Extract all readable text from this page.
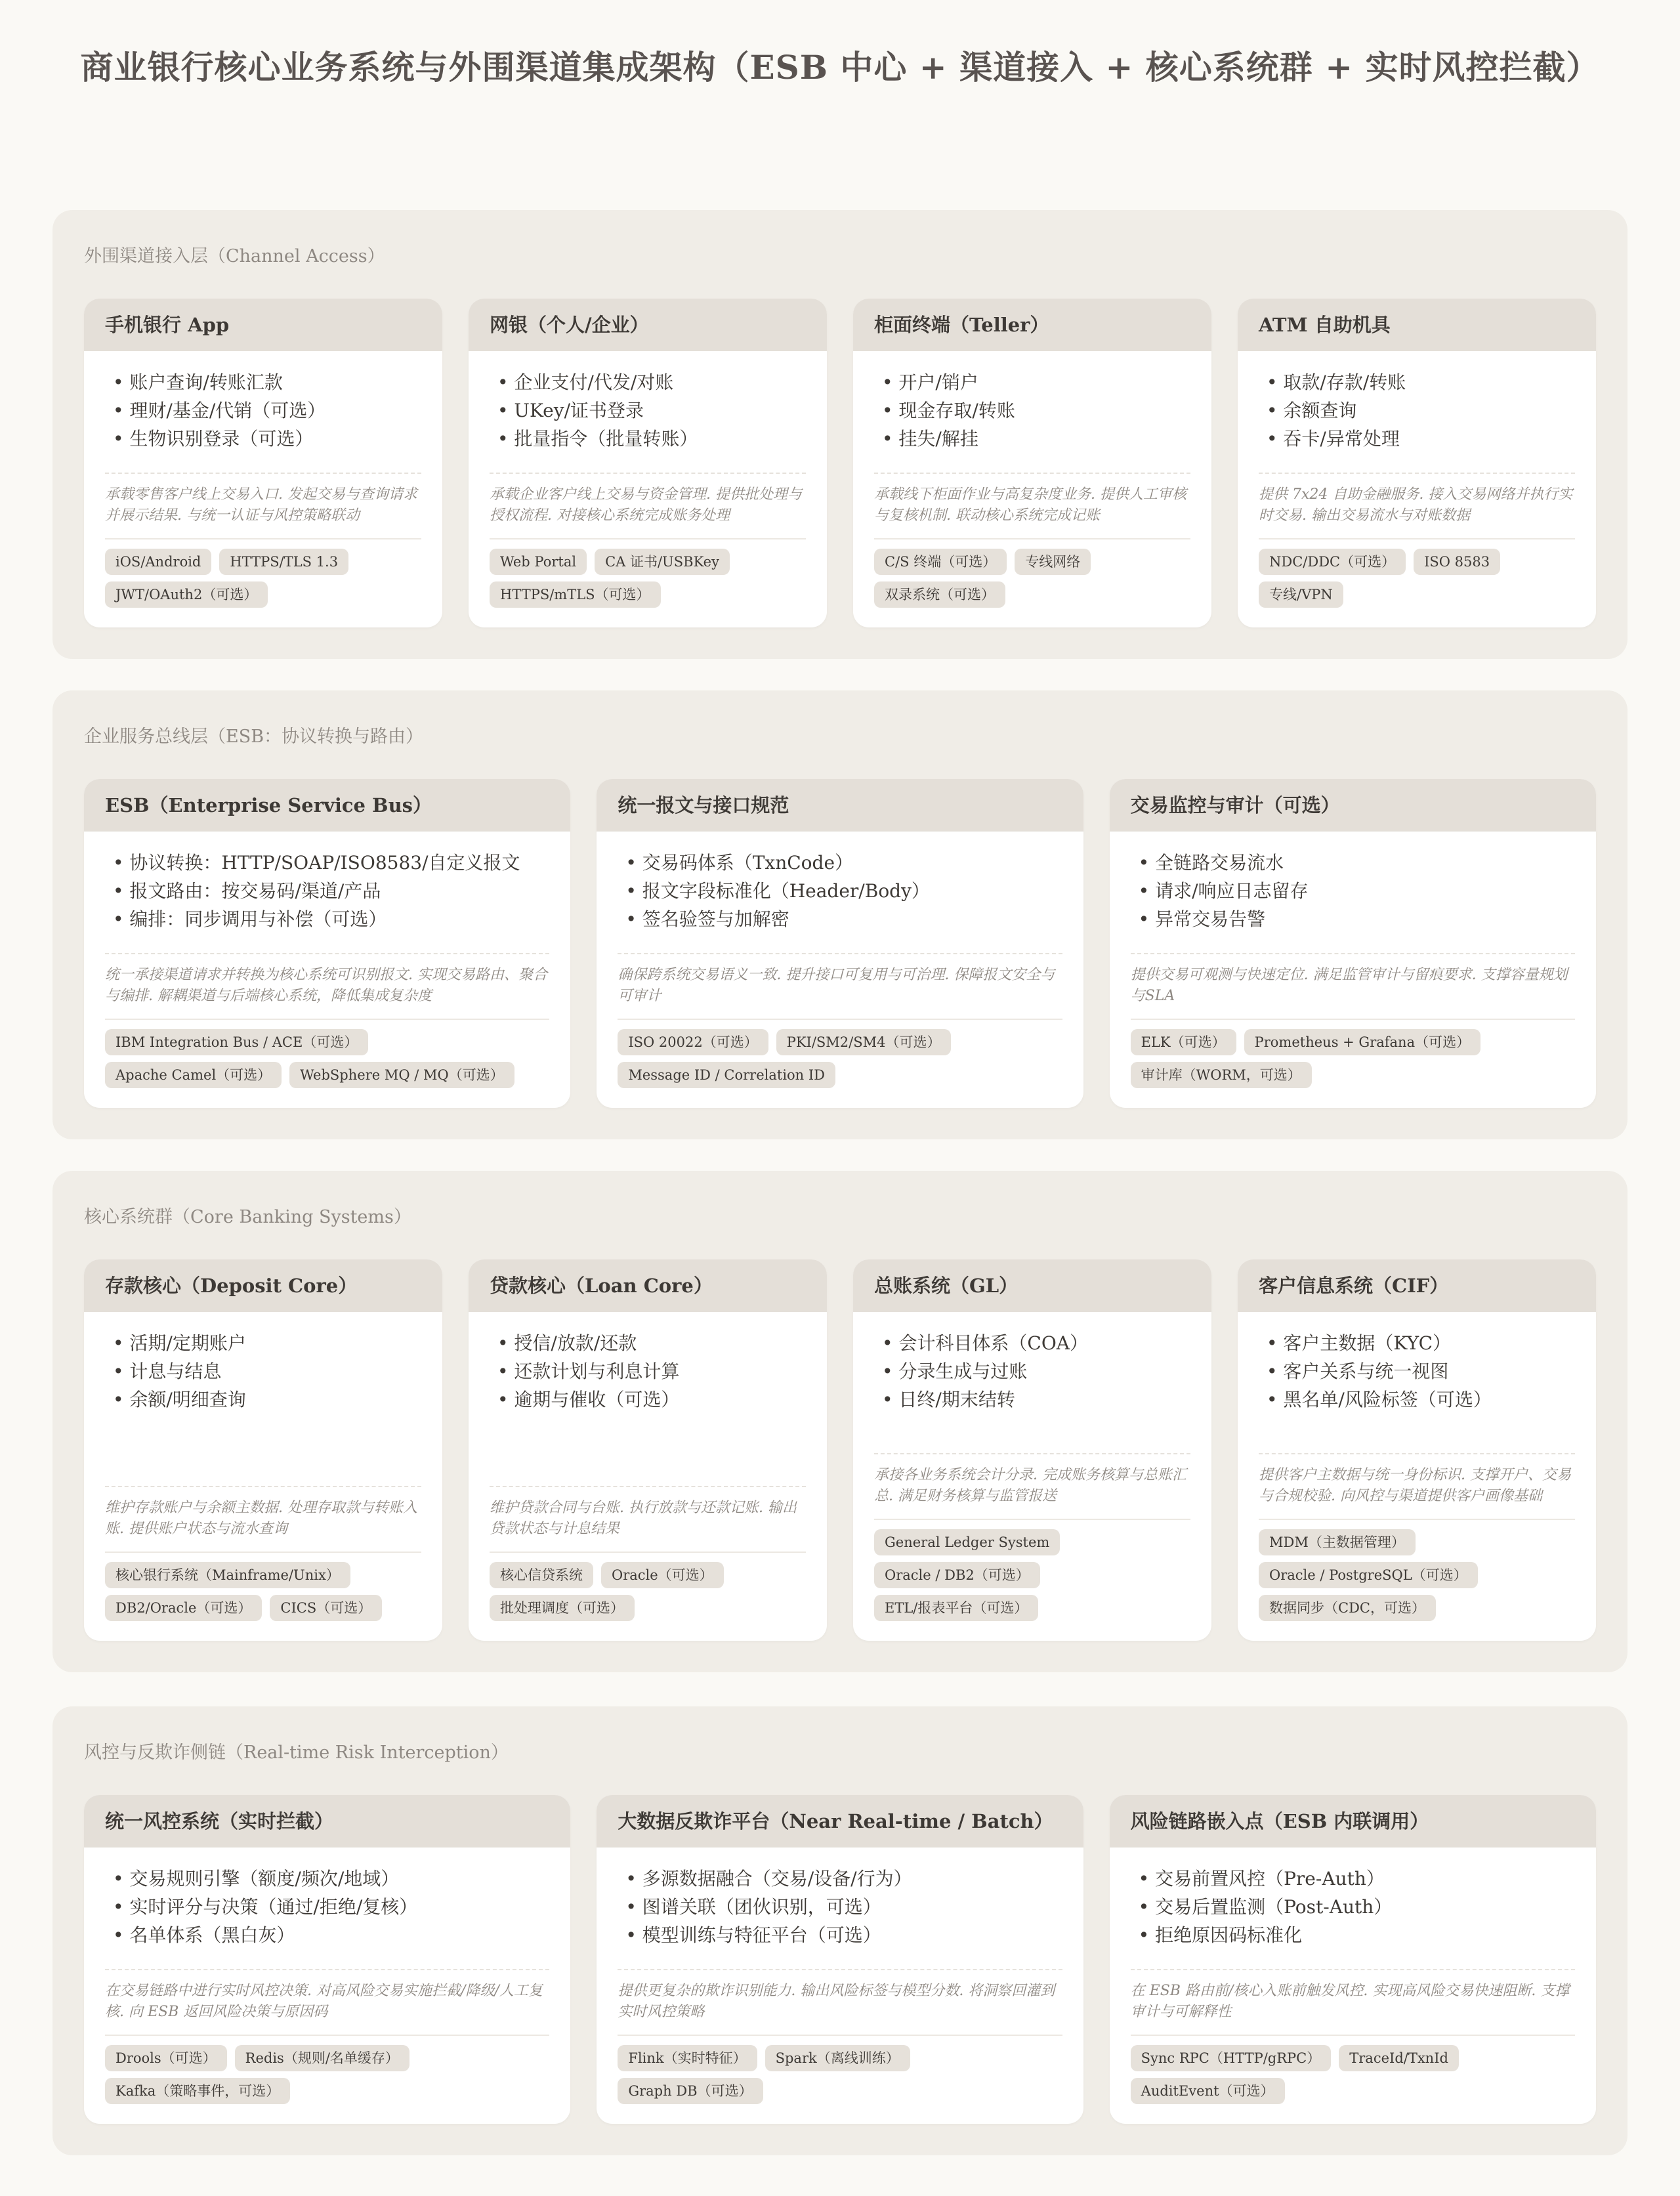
商业银行核心业务系统与外围渠道集成架构（ESB 中心 + 渠道接入 + 核心系统群 + 实时风控拦截）
外围渠道接入层（Channel Access）
手机银行 App
• 账户查询/转账汇款
• 理财/基金/代销（可选）
• 生物识别登录（可选）
承载零售客户线上交易入口. 发起交易与查询请求并展示结果. 与统一认证与风控策略联动
iOS/Android	HTTPS/TLS 1.3
JWT/OAuth2（可选）
网银（个人/企业）
• 企业支付/代发/对账
• UKey/证书登录
• 批量指令（批量转账）
承载企业客户线上交易与资金管理. 提供批处理与授权流程. 对接核心系统完成账务处理
Web Portal	CA 证书/USBKey
HTTPS/mTLS（可选）
柜面终端（Teller）
• 开户/销户
• 现金存取/转账
• 挂失/解挂
承载线下柜面作业与高复杂度业务. 提供人工审核与复核机制. 联动核心系统完成记账
C/S 终端（可选）	专线网络
双录系统（可选）
ATM 自助机具
• 取款/存款/转账
• 余额查询
• 吞卡/异常处理
提供 7x24 自助金融服务. 接入交易网络并执行实时交易. 输出交易流水与对账数据
NDC/DDC（可选）	ISO 8583
专线/VPN
企业服务总线层（ESB：协议转换与路由）
ESB（Enterprise Service Bus）
• 协议转换：HTTP/SOAP/ISO8583/自定义报文
• 报文路由：按交易码/渠道/产品
• 编排：同步调用与补偿（可选）
统一承接渠道请求并转换为核心系统可识别报文. 实现交易路由、聚合与编排. 解耦渠道与后端核心系统，降低集成复杂度
IBM Integration Bus / ACE（可选）
Apache Camel（可选）	WebSphere MQ / MQ（可选）
统一报文与接口规范
• 交易码体系（TxnCode）
• 报文字段标准化（Header/Body）
• 签名验签与加解密
确保跨系统交易语义一致. 提升接口可复用与可治理. 保障报文安全与可审计
ISO 20022（可选）	PKI/SM2/SM4（可选）
Message ID / Correlation ID
交易监控与审计（可选）
• 全链路交易流水
• 请求/响应日志留存
• 异常交易告警
提供交易可观测与快速定位. 满足监管审计与留痕要求. 支撑容量规划与SLA
ELK（可选）	Prometheus + Grafana（可选）
审计库（WORM，可选）
核心系统群（Core Banking Systems）
存款核心（Deposit Core）
• 活期/定期账户
• 计息与结息
• 余额/明细查询
维护存款账户与余额主数据. 处理存取款与转账入账. 提供账户状态与流水查询
核心银行系统（Mainframe/Unix）
DB2/Oracle（可选）	CICS（可选）
贷款核心（Loan Core）
• 授信/放款/还款
• 还款计划与利息计算
• 逾期与催收（可选）
维护贷款合同与台账. 执行放款与还款记账. 输出贷款状态与计息结果
核心信贷系统	Oracle（可选）
批处理调度（可选）
总账系统（GL）
• 会计科目体系（COA）
• 分录生成与过账
• 日终/期末结转
承接各业务系统会计分录. 完成账务核算与总账汇总. 满足财务核算与监管报送
General Ledger System
Oracle / DB2（可选）
ETL/报表平台（可选）
客户信息系统（CIF）
• 客户主数据（KYC）
• 客户关系与统一视图
• 黑名单/风险标签（可选）
提供客户主数据与统一身份标识. 支撑开户、交易与合规校验. 向风控与渠道提供客户画像基础
MDM（主数据管理）
Oracle / PostgreSQL（可选）
数据同步（CDC，可选）
风控与反欺诈侧链（Real-time Risk Interception）
统一风控系统（实时拦截）
• 交易规则引擎（额度/频次/地域）
• 实时评分与决策（通过/拒绝/复核）
• 名单体系（黑白灰）
在交易链路中进行实时风控决策. 对高风险交易实施拦截/降级/人工复核. 向 ESB 返回风险决策与原因码
Drools（可选）	Redis（规则/名单缓存）
Kafka（策略事件，可选）
大数据反欺诈平台（Near Real-time / Batch）
• 多源数据融合（交易/设备/行为）
• 图谱关联（团伙识别，可选）
• 模型训练与特征平台（可选）
提供更复杂的欺诈识别能力. 输出风险标签与模型分数. 将洞察回灌到实时风控策略
Flink（实时特征）	Spark（离线训练）
Graph DB（可选）
风险链路嵌入点（ESB 内联调用）
• 交易前置风控（Pre-Auth）
• 交易后置监测（Post-Auth）
• 拒绝原因码标准化
在 ESB 路由前/核心入账前触发风控. 实现高风险交易快速阻断. 支撑审计与可解释性
Sync RPC（HTTP/gRPC）	TraceId/TxnId
AuditEvent（可选）
